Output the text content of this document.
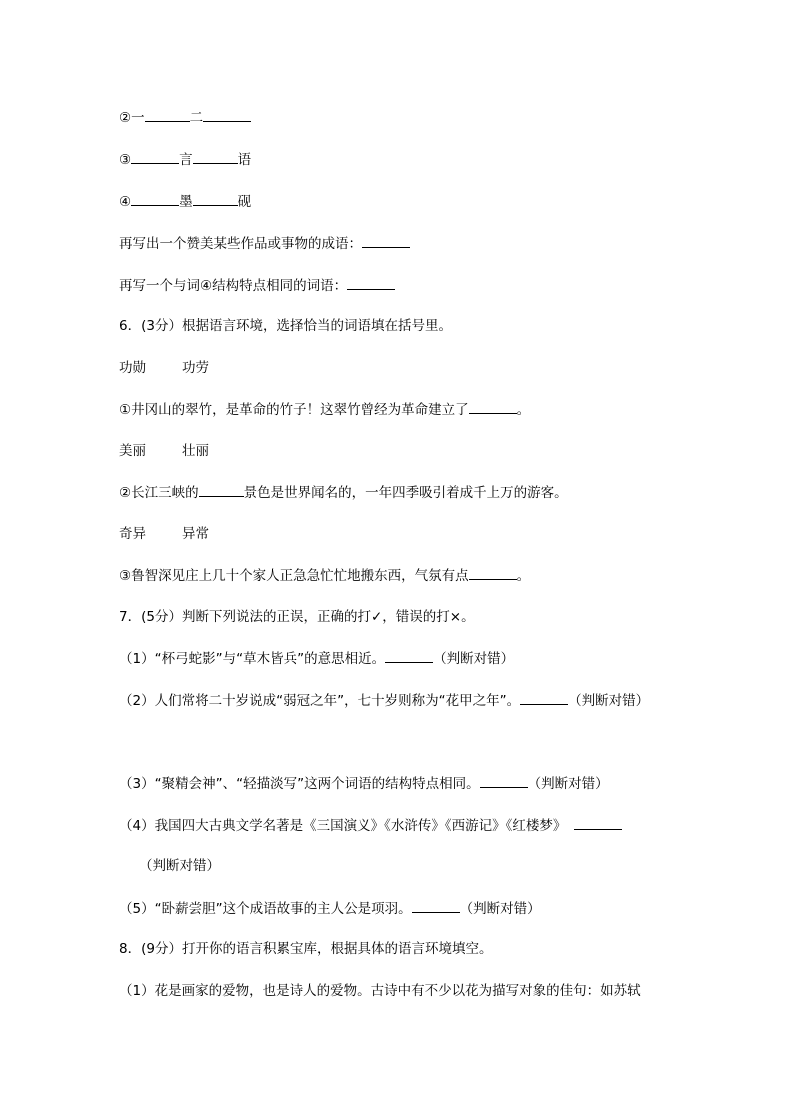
②一	二
③	言	语
④	墨	砚
再写出一个赞美某些作品或事物的成语：
再写一个与词④结构特点相同的词语：
6．(3分）根据语言环境，选择恰当的词语填在括号里。
功勋	功劳
①井冈山的翠竹，是革命的竹子！这翠竹曾经为革命建立了	。
美丽	壮丽
②长江三峡的	景色是世界闻名的，一年四季吸引着成千上万的游客。
奇异	异常
③鲁智深见庄上几十个家人正急急忙忙地搬东西，气氛有点	。
7．(5分）判断下列说法的正误，正确的打✓，错误的打×。
（1）“杯弓蛇影”与“草木皆兵”的意思相近。	（判断对错）
（2）人们常将二十岁说成“弱冠之年”，七十岁则称为“花甲之年”。	（判断对错）
（3）“聚精会神”、“轻描淡写”这两个词语的结构特点相同。	（判断对错）
（4）我国四大古典文学名著是《三国演义》《水浒传》《西游记》《红楼梦》
（判断对错）
（5）“卧薪尝胆”这个成语故事的主人公是项羽。	（判断对错）
8．(9分）打开你的语言积累宝库，根据具体的语言环境填空。
（1）花是画家的爱物，也是诗人的爱物。古诗中有不少以花为描写对象的佳句：如苏轼
